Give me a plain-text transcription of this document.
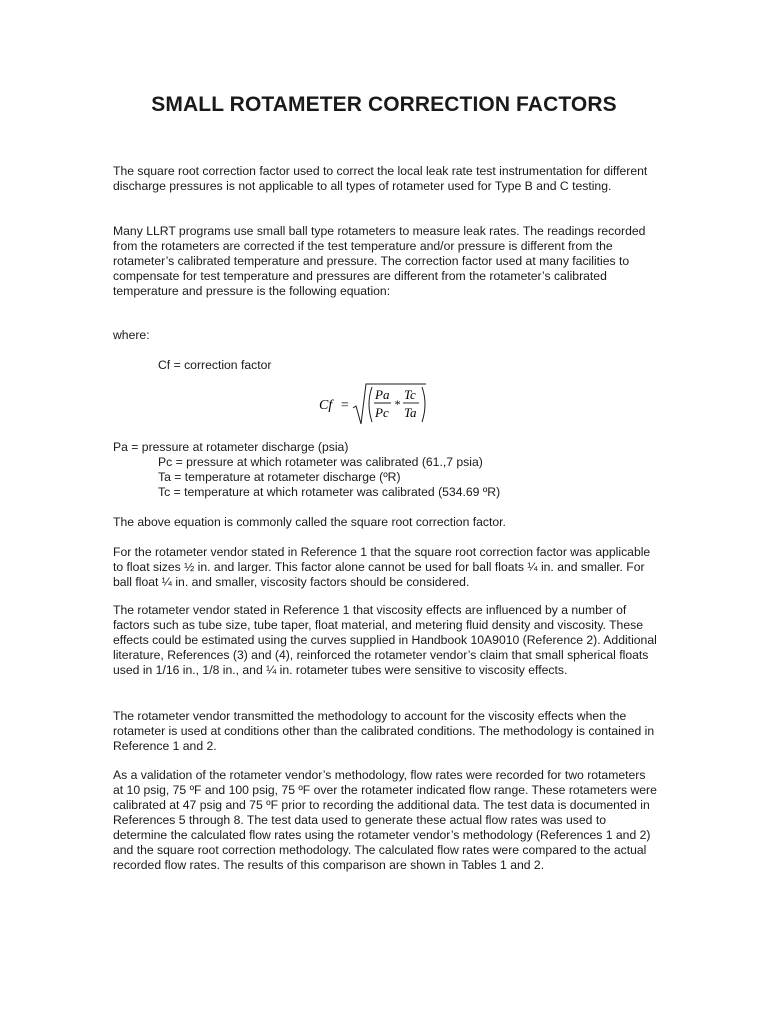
SMALL ROTAMETER CORRECTION FACTORS

The square root correction factor used to correct the local leak rate test instrumentation for different discharge pressures is not applicable to all types of rotameter used for Type B and C testing.

Many LLRT programs use small ball type rotameters to measure leak rates. The readings recorded from the rotameters are corrected if the test temperature and/or pressure is different from the rotameter’s calibrated temperature and pressure. The correction factor used at many facilities to compensate for test temperature and pressures are different from the rotameter’s calibrated temperature and pressure is the following equation:

where:

Cf = correction factor

Cf =
Pa
Pc
*
Tc
Ta

Pa = pressure at rotameter discharge (psia)

Pc = pressure at which rotameter was calibrated (61.,7 psia)

Ta = temperature at rotameter discharge (ºR)

Tc = temperature at which rotameter was calibrated (534.69 ºR)

The above equation is commonly called the square root correction factor.

For the rotameter vendor stated in Reference 1 that the square root correction factor was applicable to float sizes ½ in. and larger. This factor alone cannot be used for ball floats ¼ in. and smaller. For ball float ¼ in. and smaller, viscosity factors should be considered.

The rotameter vendor stated in Reference 1 that viscosity effects are influenced by a number of factors such as tube size, tube taper, float material, and metering fluid density and viscosity. These effects could be estimated using the curves supplied in Handbook 10A9010 (Reference 2). Additional literature, References (3) and (4), reinforced the rotameter vendor’s claim that small spherical floats used in 1/16 in., 1/8 in., and ¼ in. rotameter tubes were sensitive to viscosity effects.

The rotameter vendor transmitted the methodology to account for the viscosity effects when the rotameter is used at conditions other than the calibrated conditions. The methodology is contained in Reference 1 and 2.

As a validation of the rotameter vendor’s methodology, flow rates were recorded for two rotameters at 10 psig, 75 ºF and 100 psig, 75 ºF over the rotameter indicated flow range. These rotameters were calibrated at 47 psig and 75 ºF prior to recording the additional data. The test data is documented in References 5 through 8. The test data used to generate these actual flow rates was used to determine the calculated flow rates using the rotameter vendor’s methodology (References 1 and 2) and the square root correction methodology. The calculated flow rates were compared to the actual recorded flow rates. The results of this comparison are shown in Tables 1 and 2.
